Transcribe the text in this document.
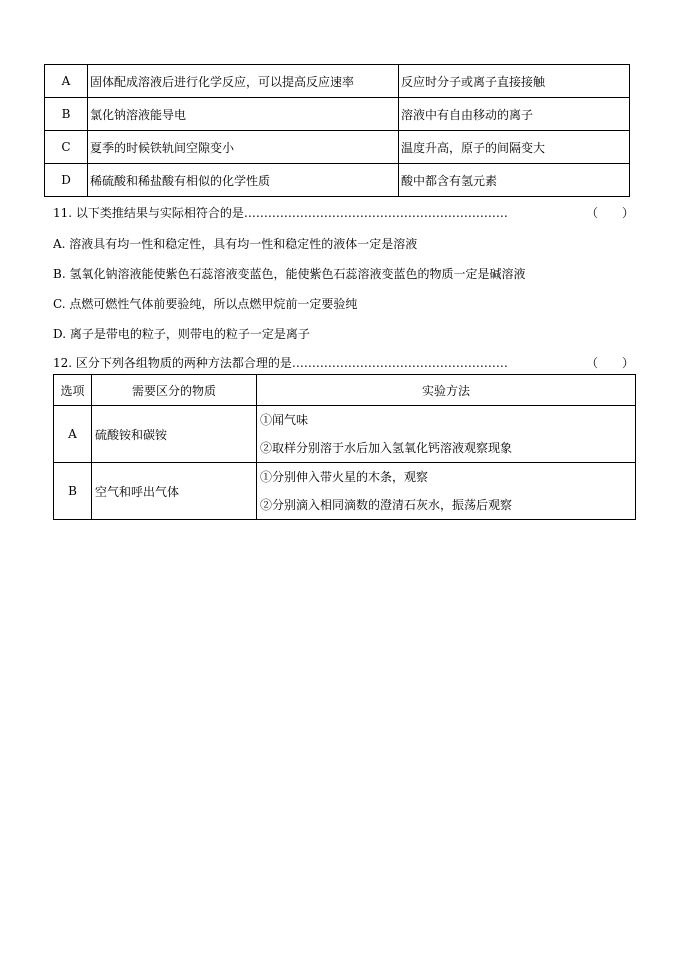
A	固体配成溶液后进行化学反应，可以提高反应速率	反应时分子或离子直接接触
B	氯化钠溶液能导电	溶液中有自由移动的离子
C	夏季的时候铁轨间空隙变小	温度升高，原子的间隔变大
D	稀硫酸和稀盐酸有相似的化学性质	酸中都含有氢元素
11. 以下类推结果与实际相符合的是…………………………………………………………	（　　）
A. 溶液具有均一性和稳定性，具有均一性和稳定性的液体一定是溶液
B. 氢氧化钠溶液能使紫色石蕊溶液变蓝色，能使紫色石蕊溶液变蓝色的物质一定是碱溶液
C. 点燃可燃性气体前要验纯，所以点燃甲烷前一定要验纯
D. 离子是带电的粒子，则带电的粒子一定是离子
12. 区分下列各组物质的两种方法都合理的是………………………………………………	（　　）
选项	需要区分的物质	实验方法
A	硫酸铵和碳铵	①闻气味
②取样分别溶于水后加入氢氧化钙溶液观察现象

B	空气和呼出气体	①分别伸入带火星的木条，观察
②分别滴入相同滴数的澄清石灰水，振荡后观察
